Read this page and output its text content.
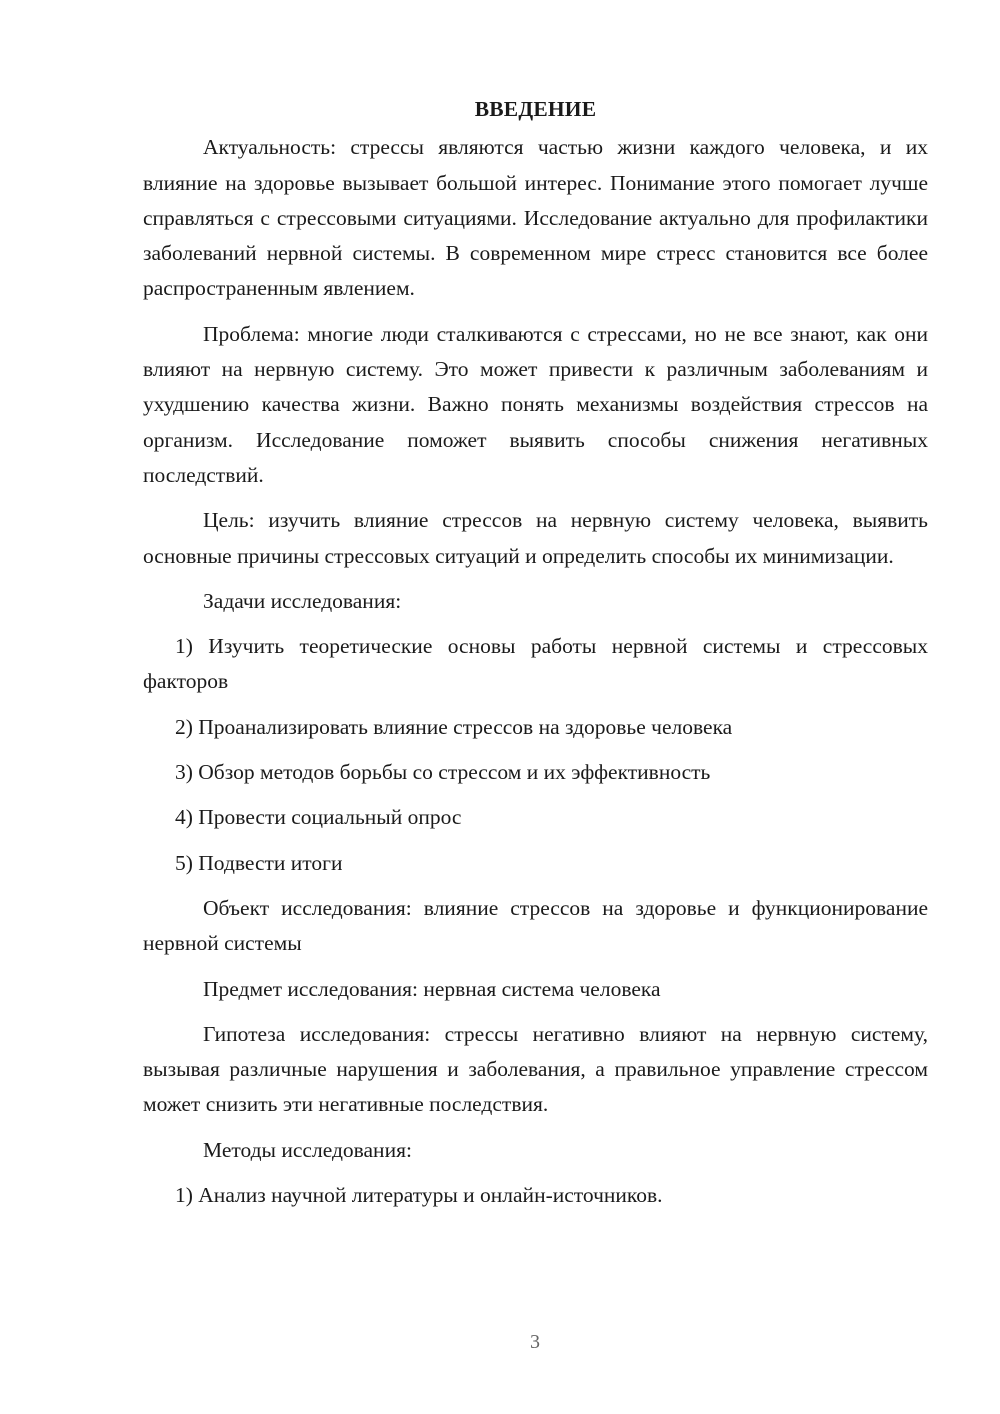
ВВЕДЕНИЕ

Актуальность: стрессы являются частью жизни каждого человека, и их влияние на здоровье вызывает большой интерес. Понимание этого помогает лучше справляться с стрессовыми ситуациями. Исследование актуально для профилактики заболеваний нервной системы. В современном мире стресс становится все более распространенным явлением.

Проблема: многие люди сталкиваются с стрессами, но не все знают, как они влияют на нервную систему. Это может привести к различным заболеваниям и ухудшению качества жизни. Важно понять механизмы воздействия стрессов на организм. Исследование поможет выявить способы снижения негативных последствий.

Цель: изучить влияние стрессов на нервную систему человека, выявить основные причины стрессовых ситуаций и определить способы их минимизации.

Задачи исследования:

1) Изучить теоретические основы работы нервной системы и стрессовых факторов

2) Проанализировать влияние стрессов на здоровье человека

3) Обзор методов борьбы со стрессом и их эффективность

4) Провести социальный опрос

5) Подвести итоги

Объект исследования: влияние стрессов на здоровье и функционирование нервной системы

Предмет исследования: нервная система человека

Гипотеза исследования: стрессы негативно влияют на нервную систему, вызывая различные нарушения и заболевания, а правильное управление стрессом может снизить эти негативные последствия.

Методы исследования:

1) Анализ научной литературы и онлайн-источников.

3
